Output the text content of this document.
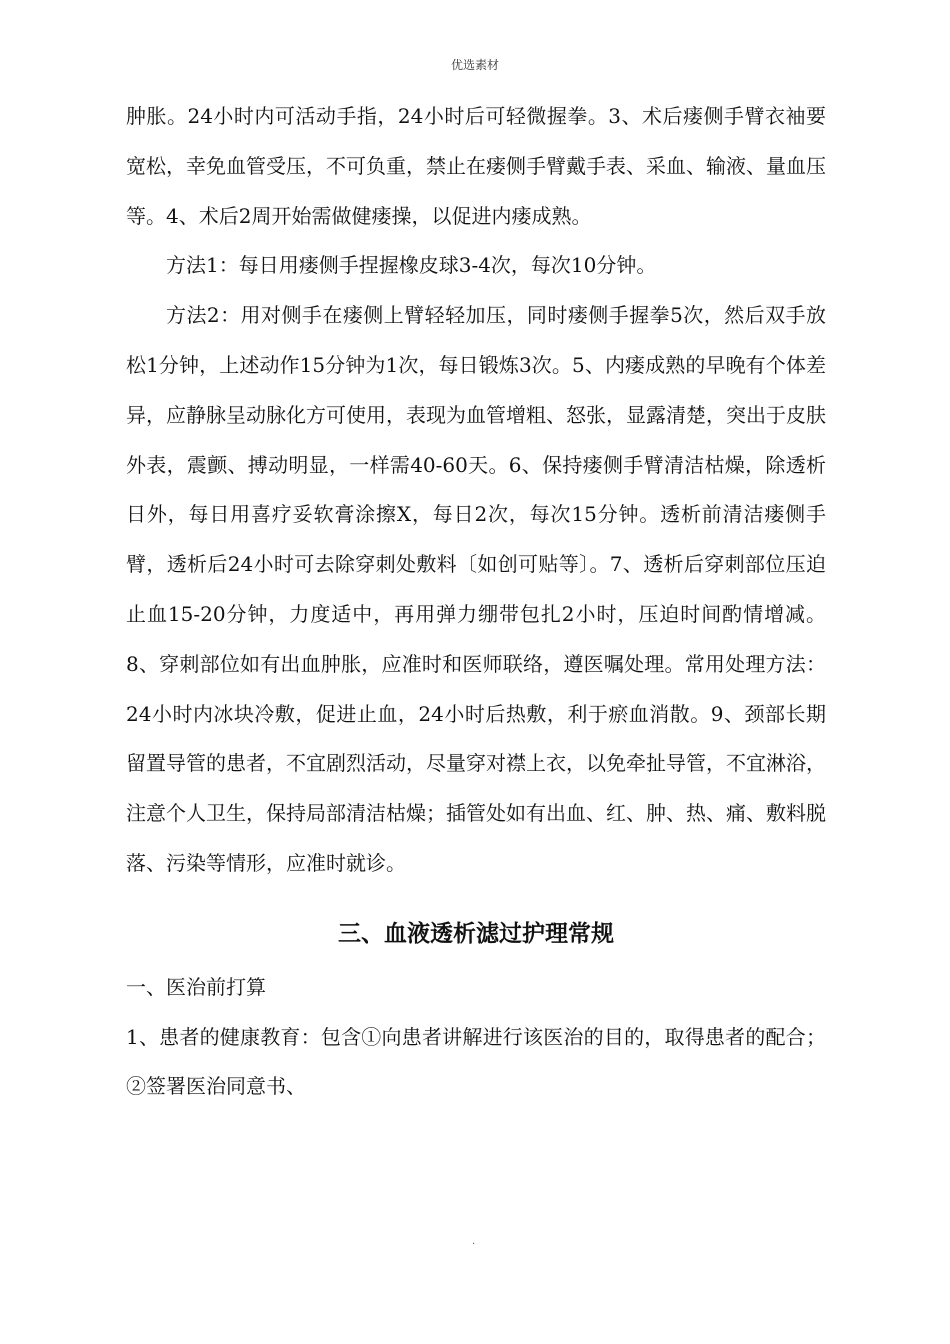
优选素材

肿胀。24小时内可活动手指，24小时后可轻微握拳。3、术后瘘侧手臂衣袖要宽松，幸免血管受压，不可负重，禁止在瘘侧手臂戴手表、采血、输液、量血压等。4、术后2周开始需做健瘘操，以促进内瘘成熟。

方法1：每日用瘘侧手捏握橡皮球3-4次，每次10分钟。

方法2：用对侧手在瘘侧上臂轻轻加压，同时瘘侧手握拳5次，然后双手放松1分钟，上述动作15分钟为1次，每日锻炼3次。5、内瘘成熟的早晚有个体差异，应静脉呈动脉化方可使用，表现为血管增粗、怒张，显露清楚，突出于皮肤外表，震颤、搏动明显，一样需40-60天。6、保持瘘侧手臂清洁枯燥，除透析日外，每日用喜疗妥软膏涂擦X，每日2次，每次15分钟。透析前清洁瘘侧手臂，透析后24小时可去除穿刺处敷料〔如创可贴等〕。7、透析后穿刺部位压迫止血15-20分钟，力度适中，再用弹力绷带包扎2小时，压迫时间酌情增减。8、穿刺部位如有出血肿胀，应准时和医师联络，遵医嘱处理。常用处理方法：24小时内冰块冷敷，促进止血，24小时后热敷，利于瘀血消散。9、颈部长期留置导管的患者，不宜剧烈活动，尽量穿对襟上衣，以免牵扯导管，不宜淋浴，注意个人卫生，保持局部清洁枯燥；插管处如有出血、红、肿、热、痛、敷料脱落、污染等情形，应准时就诊。

三、血液透析滤过护理常规

一、医治前打算

1、患者的健康教育：包含①向患者讲解进行该医治的目的，取得患者的配合；②签署医治同意书、

.
